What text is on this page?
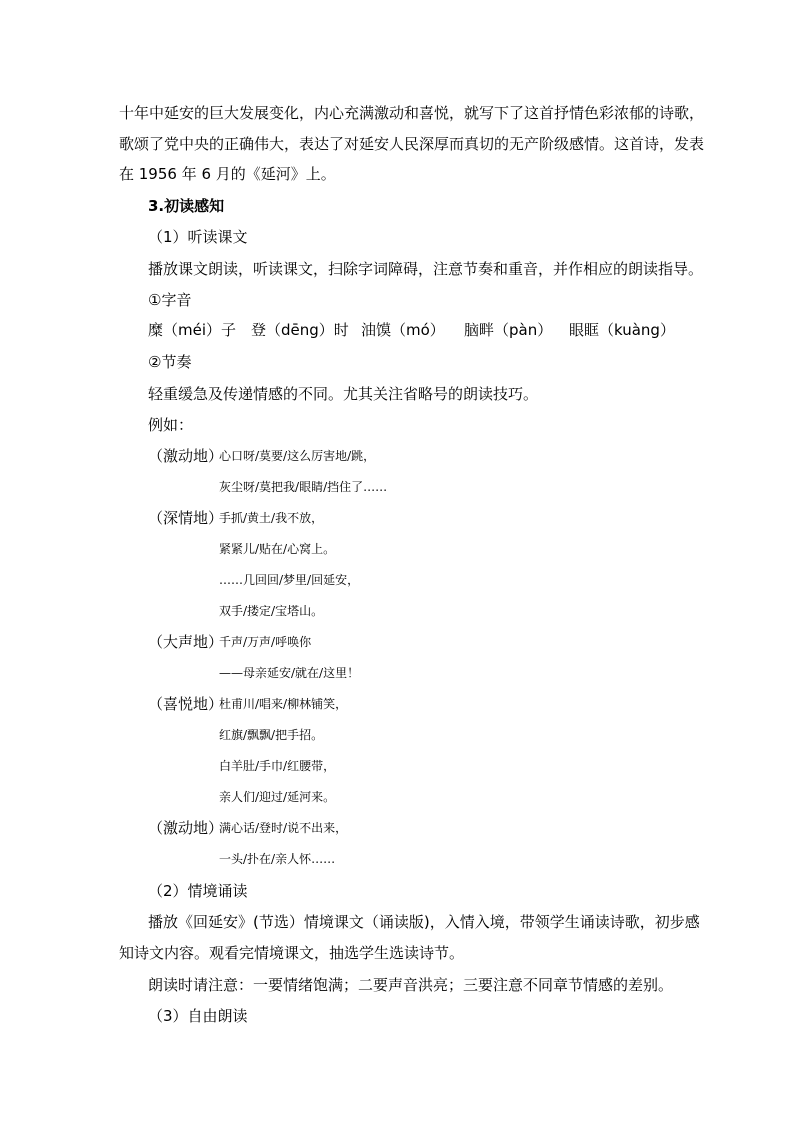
十年中延安的巨大发展变化，内心充满激动和喜悦，就写下了这首抒情色彩浓郁的诗歌，
歌颂了党中央的正确伟大，表达了对延安人民深厚而真切的无产阶级感情。这首诗，发表
在 1956 年 6 月的《延河》上。
3.初读感知
（1）听读课文
播放课文朗读，听读课文，扫除字词障碍，注意节奏和重音，并作相应的朗读指导。
①字音
糜（méi）子 登（dēng）时 油馍（mó） 脑畔（pàn） 眼眶（kuàng）
②节奏
轻重缓急及传递情感的不同。尤其关注省略号的朗读技巧。
例如：
（激动地）
心口呀/莫要/这么厉害地/跳，
灰尘呀/莫把我/眼睛/挡住了……
（深情地）
手抓/黄土/我不放，
紧紧儿/贴在/心窝上。
……几回回/梦里/回延安，
双手/搂定/宝塔山。
（大声地）
千声/万声/呼唤你
——母亲延安/就在/这里！
（喜悦地）
杜甫川/唱来/柳林铺笑，
红旗/飘飘/把手招。
白羊肚/手巾/红腰带，
亲人们/迎过/延河来。
（激动地）
满心话/登时/说不出来，
一头/扑在/亲人怀……
（2）情境诵读
播放《回延安》(节选）情境课文（诵读版)，入情入境，带领学生诵读诗歌，初步感
知诗文内容。观看完情境课文，抽选学生选读诗节。
朗读时请注意：一要情绪饱满；二要声音洪亮；三要注意不同章节情感的差别。
（3）自由朗读
